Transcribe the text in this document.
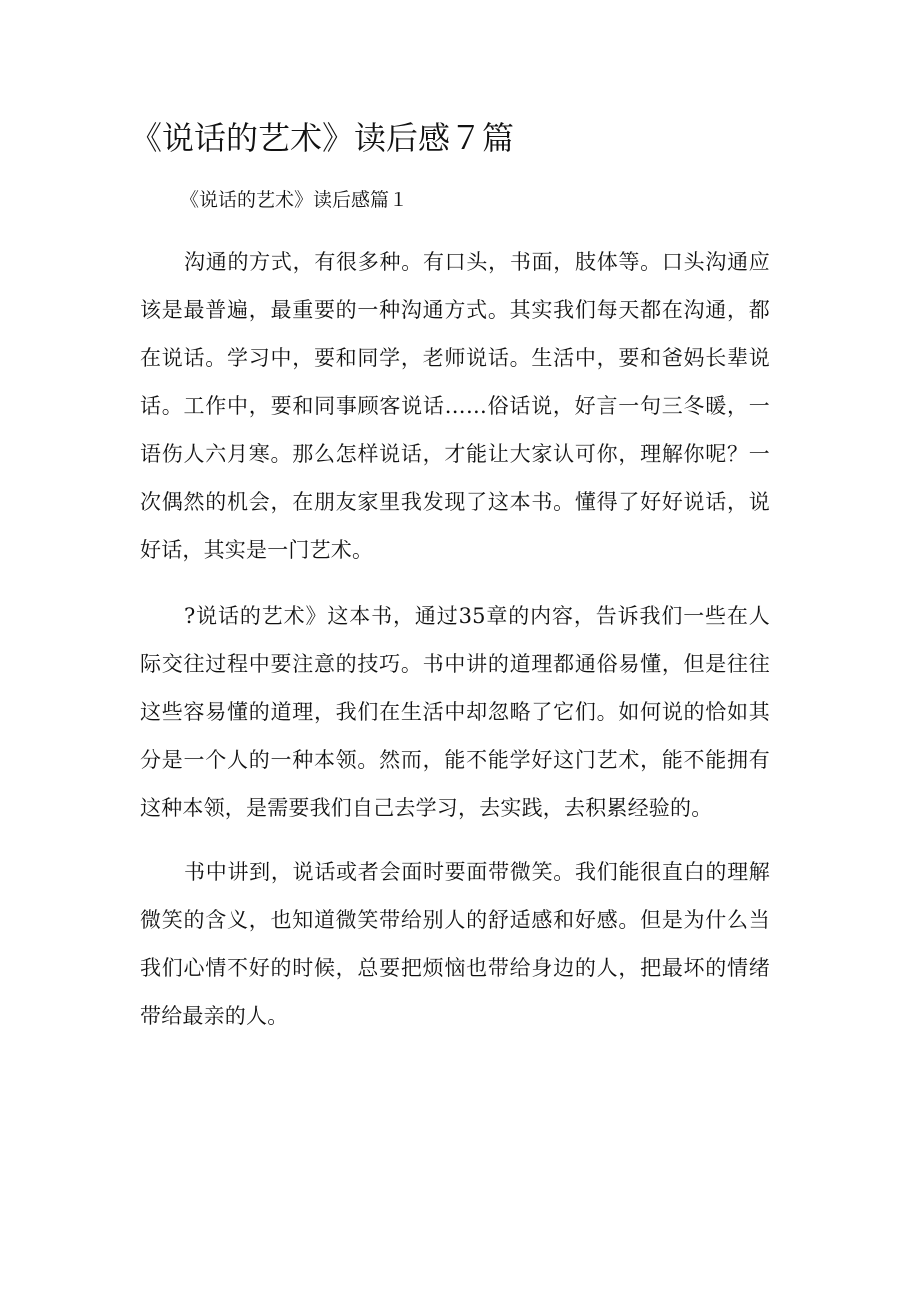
《说话的艺术》读后感７篇
《说话的艺术》读后感篇１

沟通的方式，有很多种。有口头，书面，肢体等。口头沟通应该是最普遍，最重要的一种沟通方式。其实我们每天都在沟通，都在说话。学习中，要和同学，老师说话。生活中，要和爸妈长辈说话。工作中，要和同事顾客说话……俗话说，好言一句三冬暖，一语伤人六月寒。那么怎样说话，才能让大家认可你，理解你呢？一次偶然的机会，在朋友家里我发现了这本书。懂得了好好说话，说好话，其实是一门艺术。

?说话的艺术》这本书，通过35章的内容，告诉我们一些在人际交往过程中要注意的技巧。书中讲的道理都通俗易懂，但是往往这些容易懂的道理，我们在生活中却忽略了它们。如何说的恰如其分是一个人的一种本领。然而，能不能学好这门艺术，能不能拥有这种本领，是需要我们自己去学习，去实践，去积累经验的。

书中讲到，说话或者会面时要面带微笑。我们能很直白的理解微笑的含义，也知道微笑带给别人的舒适感和好感。但是为什么当我们心情不好的时候，总要把烦恼也带给身边的人，把最坏的情绪带给最亲的人。
